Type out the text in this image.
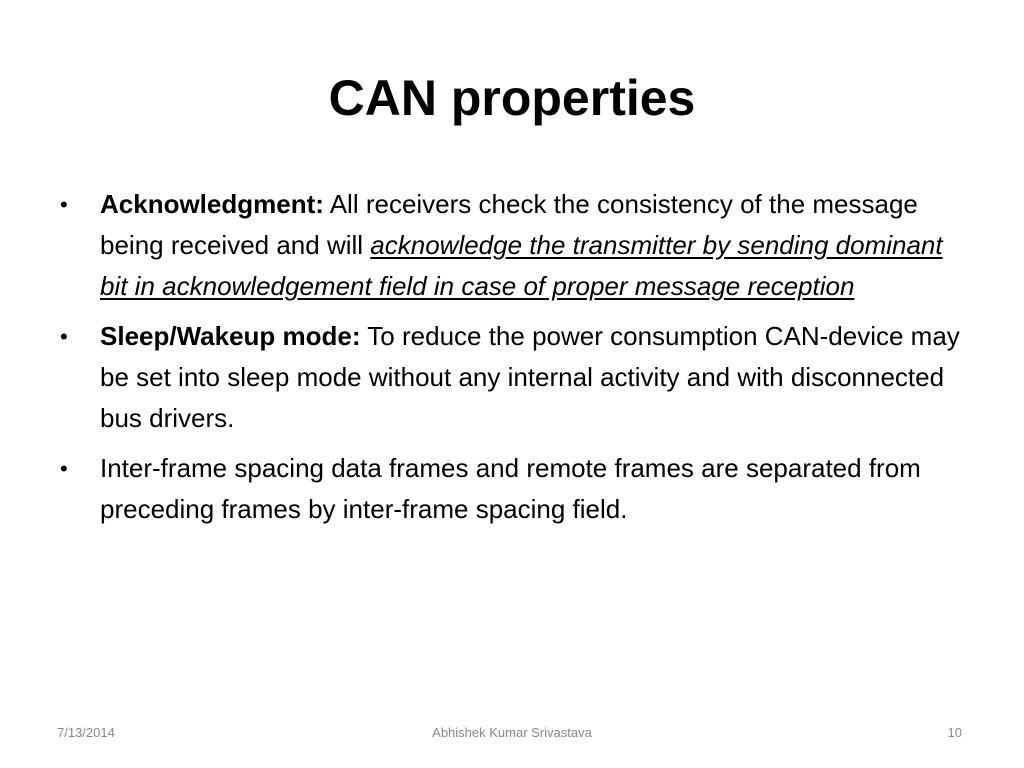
CAN properties
• Acknowledgment: All receivers check the consistency of the message being received and will acknowledge the transmitter by sending dominant bit in acknowledgement field in case of proper message reception
• Sleep/Wakeup mode: To reduce the power consumption CAN-device may be set into sleep mode without any internal activity and with disconnected bus drivers.
• Inter-frame spacing data frames and remote frames are separated from preceding frames by inter-frame spacing field.
7/13/2014	Abhishek Kumar Srivastava	10
